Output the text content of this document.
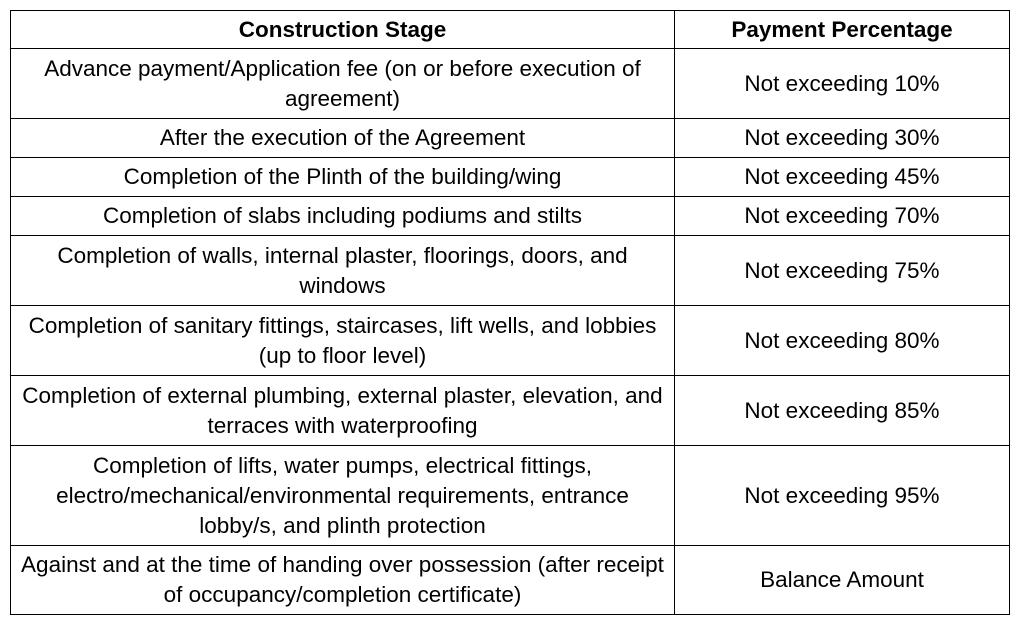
Construction Stage	Payment Percentage
Advance payment/Application fee (on or before execution of agreement)	Not exceeding 10%
After the execution of the Agreement	Not exceeding 30%
Completion of the Plinth of the building/wing	Not exceeding 45%
Completion of slabs including podiums and stilts	Not exceeding 70%
Completion of walls, internal plaster, floorings, doors, and windows	Not exceeding 75%
Completion of sanitary fittings, staircases, lift wells, and lobbies (up to floor level)	Not exceeding 80%
Completion of external plumbing, external plaster, elevation, and terraces with waterproofing	Not exceeding 85%
Completion of lifts, water pumps, electrical fittings, electro/mechanical/environmental requirements, entrance lobby/s, and plinth protection	Not exceeding 95%
Against and at the time of handing over possession (after receipt of occupancy/completion certificate)	Balance Amount
